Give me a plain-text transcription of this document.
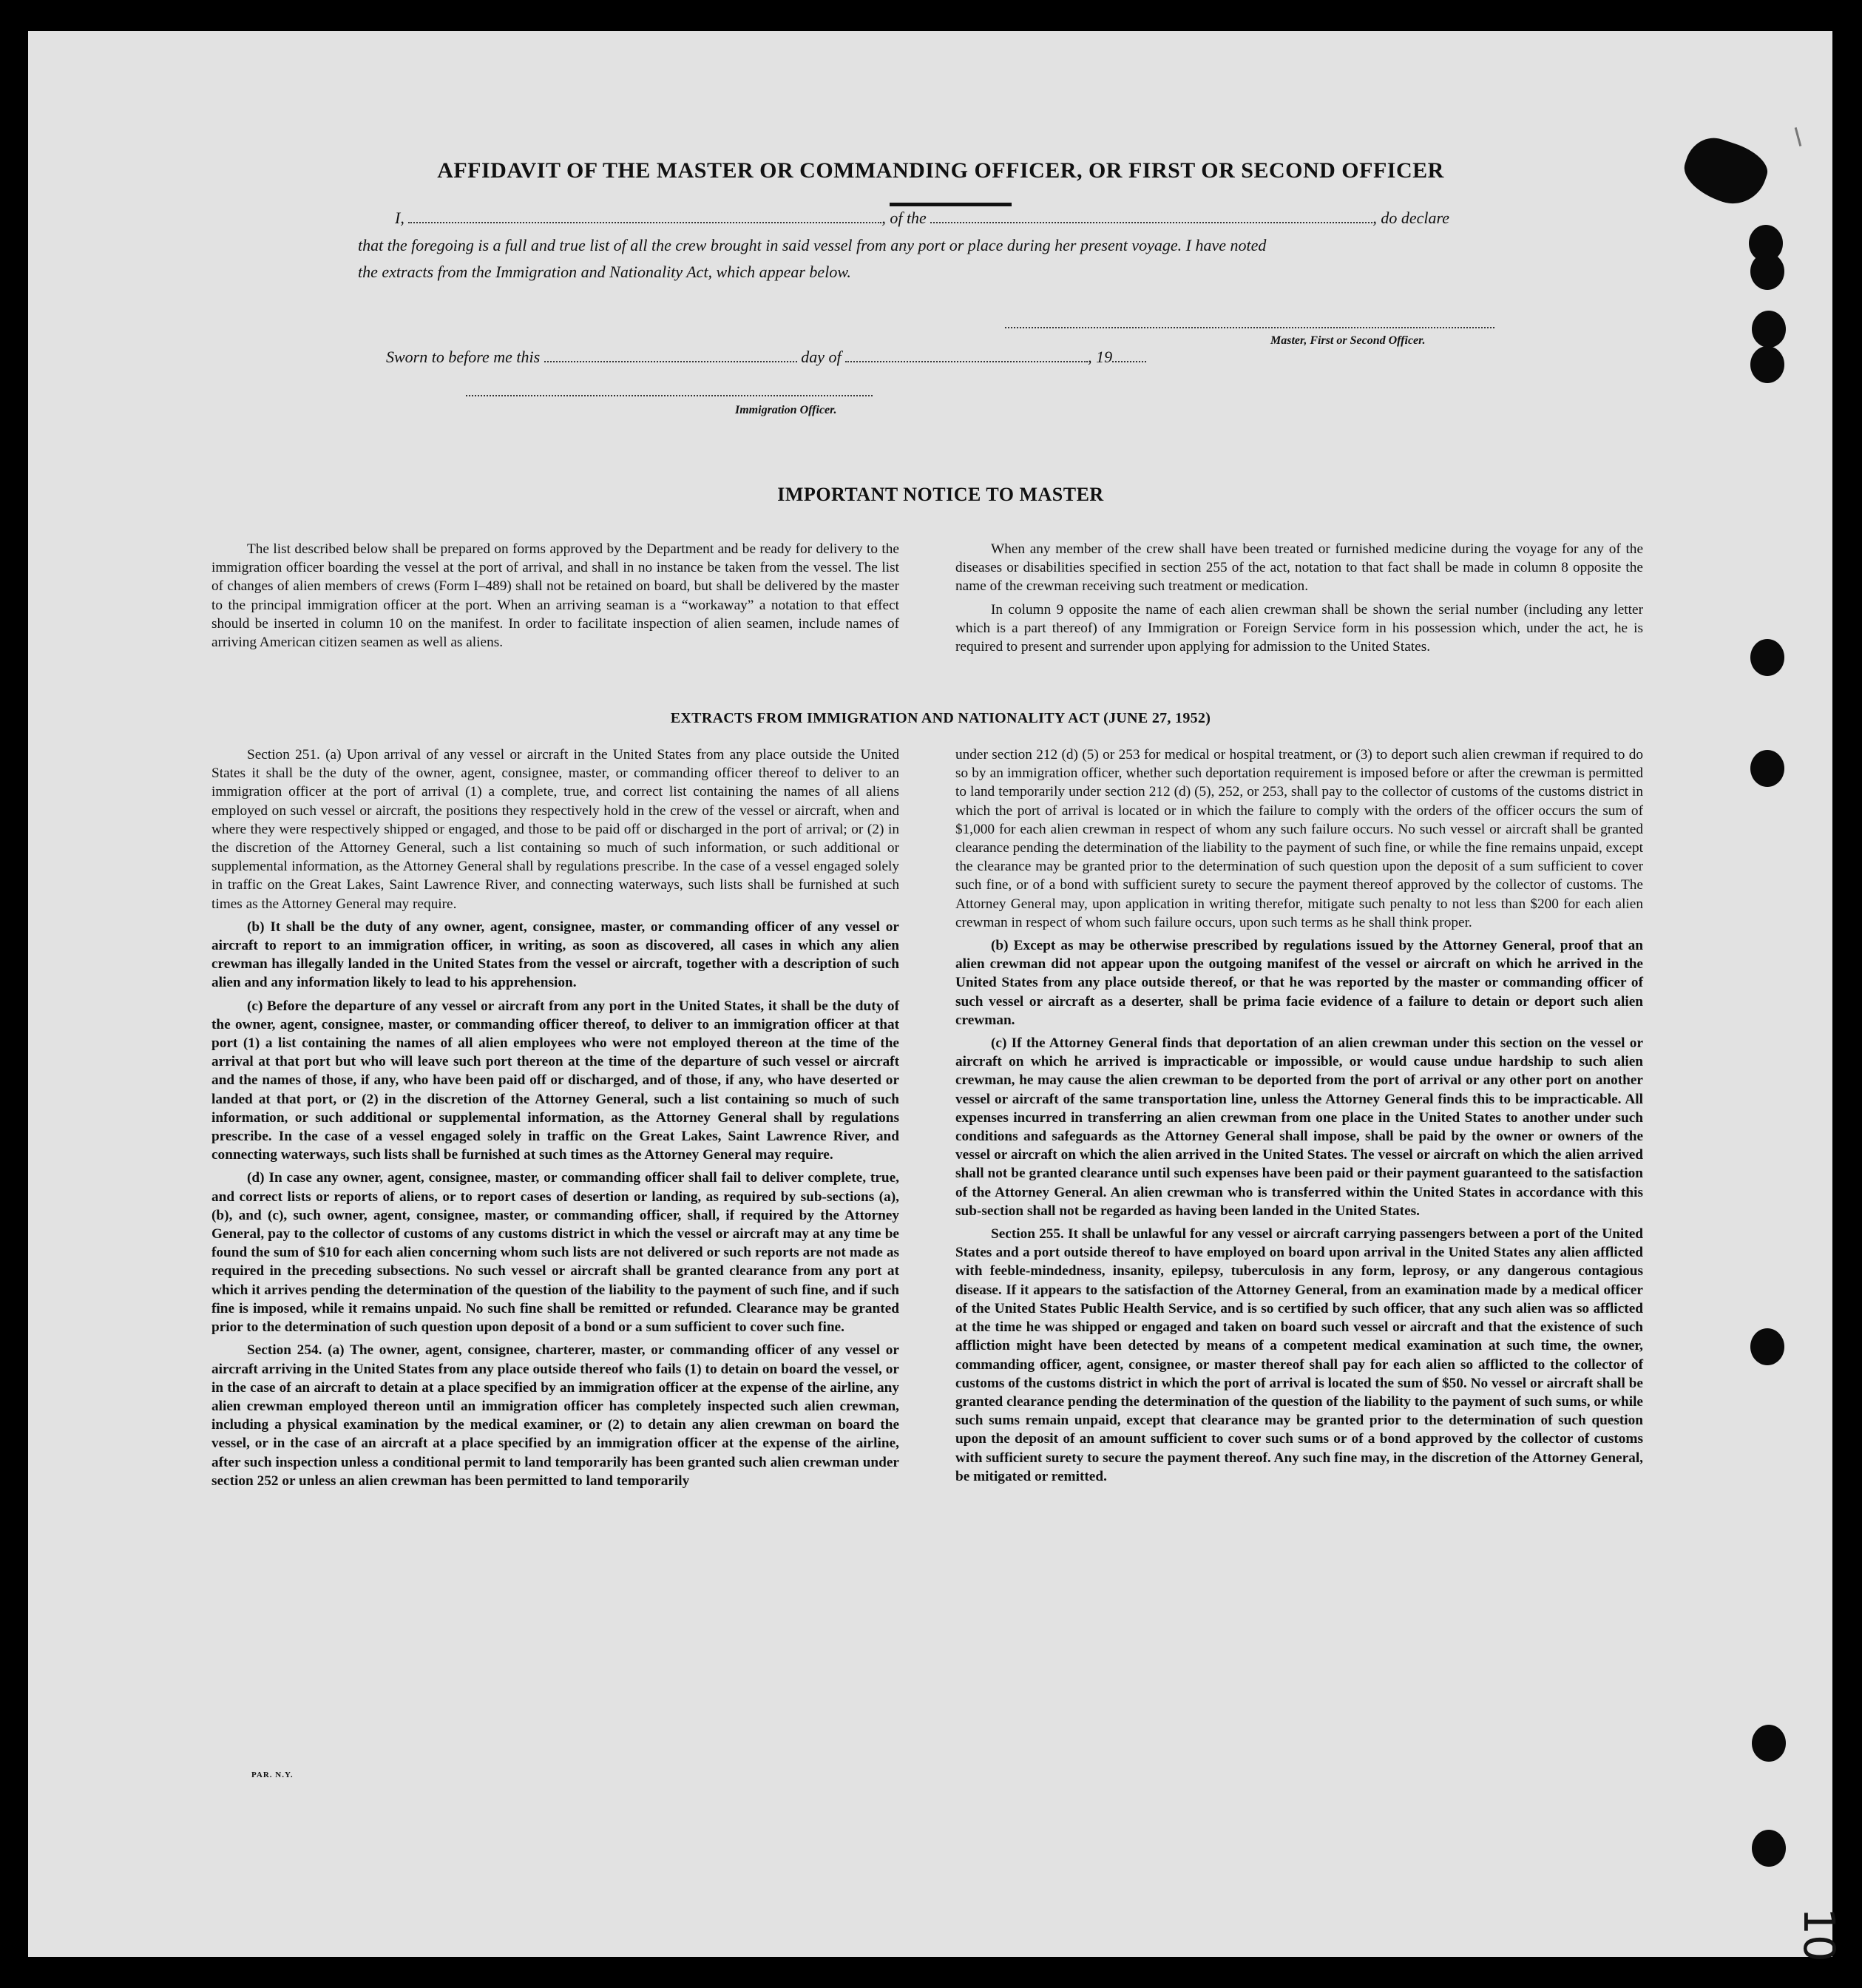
AFFIDAVIT OF THE MASTER OR COMMANDING OFFICER, OR FIRST OR SECOND OFFICER
I,	, of the	, do declare
that the foregoing is a full and true list of all the crew brought in said vessel from any port or place during her present voyage. I have noted
the extracts from the Immigration and Nationality Act, which appear below.
Master, First or Second Officer.
Sworn to before me this	day of	, 19
Immigration Officer.
IMPORTANT NOTICE TO MASTER

The list described below shall be prepared on forms approved by the Department and be ready for delivery to the immigration officer boarding the vessel at the port of arrival, and shall in no instance be taken from the vessel. The list of changes of alien members of crews (Form I–489) shall not be retained on board, but shall be delivered by the master to the principal immigration officer at the port. When an arriving seaman is a “workaway” a notation to that effect should be inserted in column 10 on the manifest. In order to facilitate inspection of alien seamen, include names of arriving American citizen seamen as well as aliens.

When any member of the crew shall have been treated or furnished medicine during the voyage for any of the diseases or disabilities specified in section 255 of the act, notation to that fact shall be made in column 8 opposite the name of the crewman receiving such treatment or medication.

In column 9 opposite the name of each alien crewman shall be shown the serial number (including any letter which is a part thereof) of any Immigration or Foreign Service form in his possession which, under the act, he is required to present and surrender upon applying for admission to the United States.

EXTRACTS FROM IMMIGRATION AND NATIONALITY ACT (JUNE 27, 1952)

Section 251. (a) Upon arrival of any vessel or aircraft in the United States from any place outside the United States it shall be the duty of the owner, agent, consignee, master, or commanding officer thereof to deliver to an immigration officer at the port of arrival (1) a complete, true, and correct list containing the names of all aliens employed on such vessel or aircraft, the positions they respectively hold in the crew of the vessel or aircraft, when and where they were respectively shipped or engaged, and those to be paid off or discharged in the port of arrival; or (2) in the discretion of the Attorney General, such a list containing so much of such information, or such additional or supplemental information, as the Attorney General shall by regulations prescribe. In the case of a vessel engaged solely in traffic on the Great Lakes, Saint Lawrence River, and connecting waterways, such lists shall be furnished at such times as the Attorney General may require.

(b) It shall be the duty of any owner, agent, consignee, master, or commanding officer of any vessel or aircraft to report to an immigration officer, in writing, as soon as discovered, all cases in which any alien crewman has illegally landed in the United States from the vessel or aircraft, together with a description of such alien and any information likely to lead to his apprehension.

(c) Before the departure of any vessel or aircraft from any port in the United States, it shall be the duty of the owner, agent, consignee, master, or commanding officer thereof, to deliver to an immigration officer at that port (1) a list containing the names of all alien employees who were not employed thereon at the time of the arrival at that port but who will leave such port thereon at the time of the departure of such vessel or aircraft and the names of those, if any, who have been paid off or discharged, and of those, if any, who have deserted or landed at that port, or (2) in the discretion of the Attorney General, such a list containing so much of such information, or such additional or supplemental information, as the Attorney General shall by regulations prescribe. In the case of a vessel engaged solely in traffic on the Great Lakes, Saint Lawrence River, and connecting waterways, such lists shall be furnished at such times as the Attorney General may require.

(d) In case any owner, agent, consignee, master, or commanding officer shall fail to deliver complete, true, and correct lists or reports of aliens, or to report cases of desertion or landing, as required by sub-sections (a), (b), and (c), such owner, agent, consignee, master, or commanding officer, shall, if required by the Attorney General, pay to the collector of customs of any customs district in which the vessel or aircraft may at any time be found the sum of $10 for each alien concerning whom such lists are not delivered or such reports are not made as required in the preceding subsections. No such vessel or aircraft shall be granted clearance from any port at which it arrives pending the determination of the question of the liability to the payment of such fine, and if such fine is imposed, while it remains unpaid. No such fine shall be remitted or refunded. Clearance may be granted prior to the determination of such question upon deposit of a bond or a sum sufficient to cover such fine.

Section 254. (a) The owner, agent, consignee, charterer, master, or commanding officer of any vessel or aircraft arriving in the United States from any place outside thereof who fails (1) to detain on board the vessel, or in the case of an aircraft to detain at a place specified by an immigration officer at the expense of the airline, any alien crewman employed thereon until an immigration officer has completely inspected such alien crewman, including a physical examination by the medical examiner, or (2) to detain any alien crewman on board the vessel, or in the case of an aircraft at a place specified by an immigration officer at the expense of the airline, after such inspection unless a conditional permit to land temporarily has been granted such alien crewman under section 252 or unless an alien crewman has been permitted to land temporarily

under section 212 (d) (5) or 253 for medical or hospital treatment, or (3) to deport such alien crewman if required to do so by an immigration officer, whether such deportation requirement is imposed before or after the crewman is permitted to land temporarily under section 212 (d) (5), 252, or 253, shall pay to the collector of customs of the customs district in which the port of arrival is located or in which the failure to comply with the orders of the officer occurs the sum of $1,000 for each alien crewman in respect of whom any such failure occurs. No such vessel or aircraft shall be granted clearance pending the determination of the liability to the payment of such fine, or while the fine remains unpaid, except the clearance may be granted prior to the determination of such question upon the deposit of a sum sufficient to cover such fine, or of a bond with sufficient surety to secure the payment thereof approved by the collector of customs. The Attorney General may, upon application in writing therefor, mitigate such penalty to not less than $200 for each alien crewman in respect of whom such failure occurs, upon such terms as he shall think proper.

(b) Except as may be otherwise prescribed by regulations issued by the Attorney General, proof that an alien crewman did not appear upon the outgoing manifest of the vessel or aircraft on which he arrived in the United States from any place outside thereof, or that he was reported by the master or commanding officer of such vessel or aircraft as a deserter, shall be prima facie evidence of a failure to detain or deport such alien crewman.

(c) If the Attorney General finds that deportation of an alien crewman under this section on the vessel or aircraft on which he arrived is impracticable or impossible, or would cause undue hardship to such alien crewman, he may cause the alien crewman to be deported from the port of arrival or any other port on another vessel or aircraft of the same transportation line, unless the Attorney General finds this to be impracticable. All expenses incurred in transferring an alien crewman from one place in the United States to another under such conditions and safeguards as the Attorney General shall impose, shall be paid by the owner or owners of the vessel or aircraft on which the alien arrived in the United States. The vessel or aircraft on which the alien arrived shall not be granted clearance until such expenses have been paid or their payment guaranteed to the satisfaction of the Attorney General. An alien crewman who is transferred within the United States in accordance with this sub-section shall not be regarded as having been landed in the United States.

Section 255. It shall be unlawful for any vessel or aircraft carrying passengers between a port of the United States and a port outside thereof to have employed on board upon arrival in the United States any alien afflicted with feeble-mindedness, insanity, epilepsy, tuberculosis in any form, leprosy, or any dangerous contagious disease. If it appears to the satisfaction of the Attorney General, from an examination made by a medical officer of the United States Public Health Service, and is so certified by such officer, that any such alien was so afflicted at the time he was shipped or engaged and taken on board such vessel or aircraft and that the existence of such affliction might have been detected by means of a competent medical examination at such time, the owner, commanding officer, agent, consignee, or master thereof shall pay for each alien so afflicted to the collector of customs of the customs district in which the port of arrival is located the sum of $50. No vessel or aircraft shall be granted clearance pending the determination of the question of the liability to the payment of such sums, or while such sums remain unpaid, except that clearance may be granted prior to the determination of such question upon the deposit of an amount sufficient to cover such sums or of a bond approved by the collector of customs with sufficient surety to secure the payment thereof. Any such fine may, in the discretion of the Attorney General, be mitigated or remitted.

PAR. N.Y.
10
